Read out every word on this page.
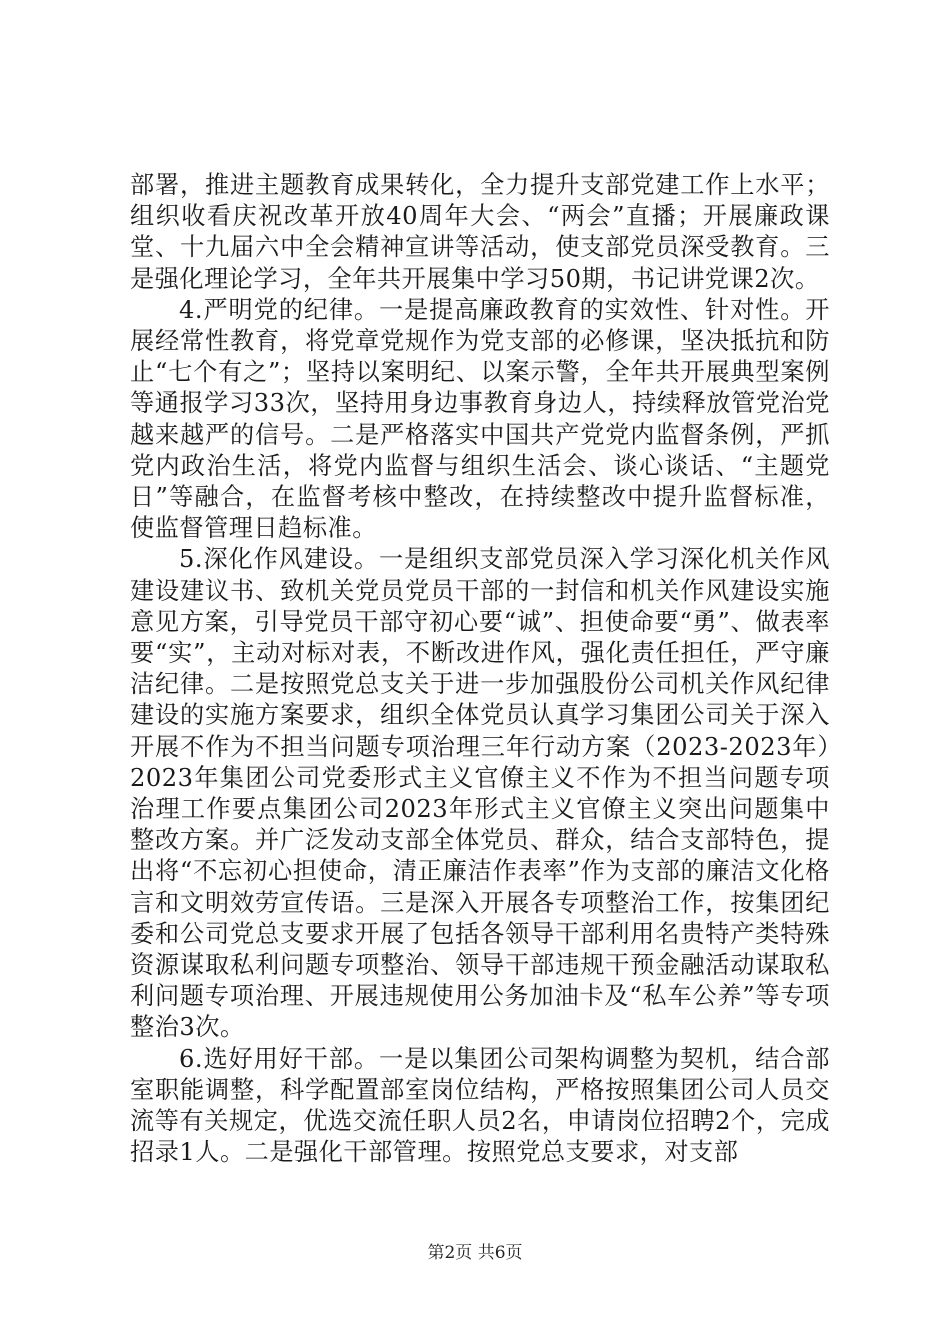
部署，推进主题教育成果转化，全力提升支部党建工作上水平；组织收看庆祝改革开放40周年大会、“两会”直播；开展廉政课堂、十九届六中全会精神宣讲等活动，使支部党员深受教育。三是强化理论学习，全年共开展集中学习50期，书记讲党课2次。

4.严明党的纪律。一是提高廉政教育的实效性、针对性。开展经常性教育，将党章党规作为党支部的必修课，坚决抵抗和防止“七个有之”；坚持以案明纪、以案示警，全年共开展典型案例等通报学习33次，坚持用身边事教育身边人，持续释放管党治党越来越严的信号。二是严格落实中国共产党党内监督条例，严抓党内政治生活，将党内监督与组织生活会、谈心谈话、“主题党日”等融合，在监督考核中整改，在持续整改中提升监督标准，使监督管理日趋标准。

5.深化作风建设。一是组织支部党员深入学习深化机关作风建设建议书、致机关党员党员干部的一封信和机关作风建设实施意见方案，引导党员干部守初心要“诚”、担使命要“勇”、做表率要“实”，主动对标对表，不断改进作风，强化责任担任，严守廉洁纪律。二是按照党总支关于进一步加强股份公司机关作风纪律建设的实施方案要求，组织全体党员认真学习集团公司关于深入开展不作为不担当问题专项治理三年行动方案（2023-2023年）2023年集团公司党委形式主义官僚主义不作为不担当问题专项治理工作要点集团公司2023年形式主义官僚主义突出问题集中整改方案。并广泛发动支部全体党员、群众，结合支部特色，提出将“不忘初心担使命，清正廉洁作表率”作为支部的廉洁文化格言和文明效劳宣传语。三是深入开展各专项整治工作，按集团纪委和公司党总支要求开展了包括各领导干部利用名贵特产类特殊资源谋取私利问题专项整治、领导干部违规干预金融活动谋取私利问题专项治理、开展违规使用公务加油卡及“私车公养”等专项整治3次。

6.选好用好干部。一是以集团公司架构调整为契机，结合部室职能调整，科学配置部室岗位结构，严格按照集团公司人员交流等有关规定，优选交流任职人员2名，申请岗位招聘2个，完成招录1人。二是强化干部管理。按照党总支要求，对支部

第2页 共6页
